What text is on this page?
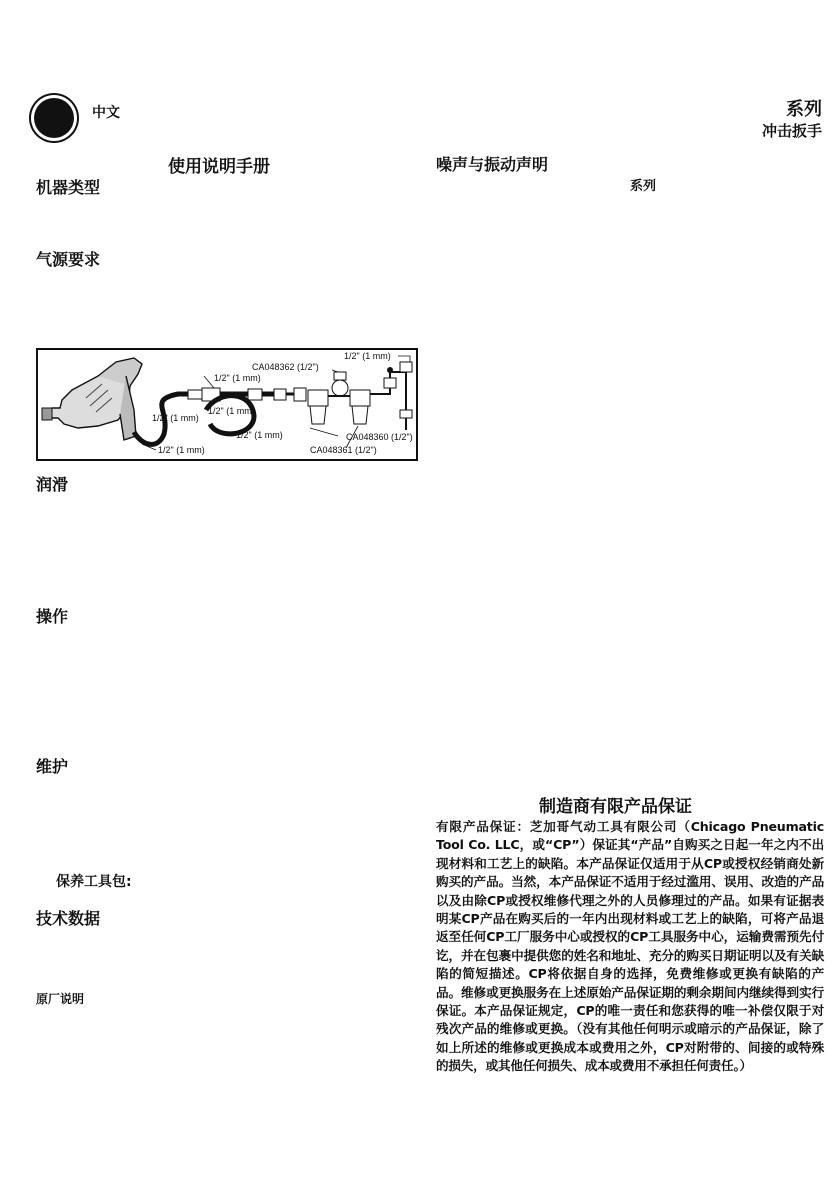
中文	系列
冲击扳手
使用说明手册
机器类型
气源要求
噪声与振动声明
系列
1/2" (1 mm)
CA048362 (1/2")
1/2" (1 mm)
1/2" (1 mm)
1/2" (1 mm)
1/2" (1 mm)	CA048360 (1/2")
1/2" (1 mm)	CA048361 (1/2")
润滑
操作
维护
保养工具包:
技术数据
原厂说明
制造商有限产品保证
有限产品保证：芝加哥气动工具有限公司（Chicago Pneumatic Tool Co. LLC，或“CP”）保证其“产品”自购买之日起一年之内不出现材料和工艺上的缺陷。本产品保证仅适用于从CP或授权经销商处新购买的产品。当然，本产品保证不适用于经过滥用、误用、改造的产品以及由除CP或授权维修代理之外的人员修理过的产品。如果有证据表明某CP产品在购买后的一年内出现材料或工艺上的缺陷，可将产品退返至任何CP工厂服务中心或授权的CP工具服务中心，运输费需预先付讫，并在包裹中提供您的姓名和地址、充分的购买日期证明以及有关缺陷的简短描述。CP将依据自身的选择，免费维修或更换有缺陷的产品。维修或更换服务在上述原始产品保证期的剩余期间内继续得到实行保证。本产品保证规定，CP的唯一责任和您获得的唯一补偿仅限于对残次产品的维修或更换。（没有其他任何明示或暗示的产品保证，除了如上所述的维修或更换成本或费用之外，CP对附带的、间接的或特殊的损失，或其他任何损失、成本或费用不承担任何责任。）
